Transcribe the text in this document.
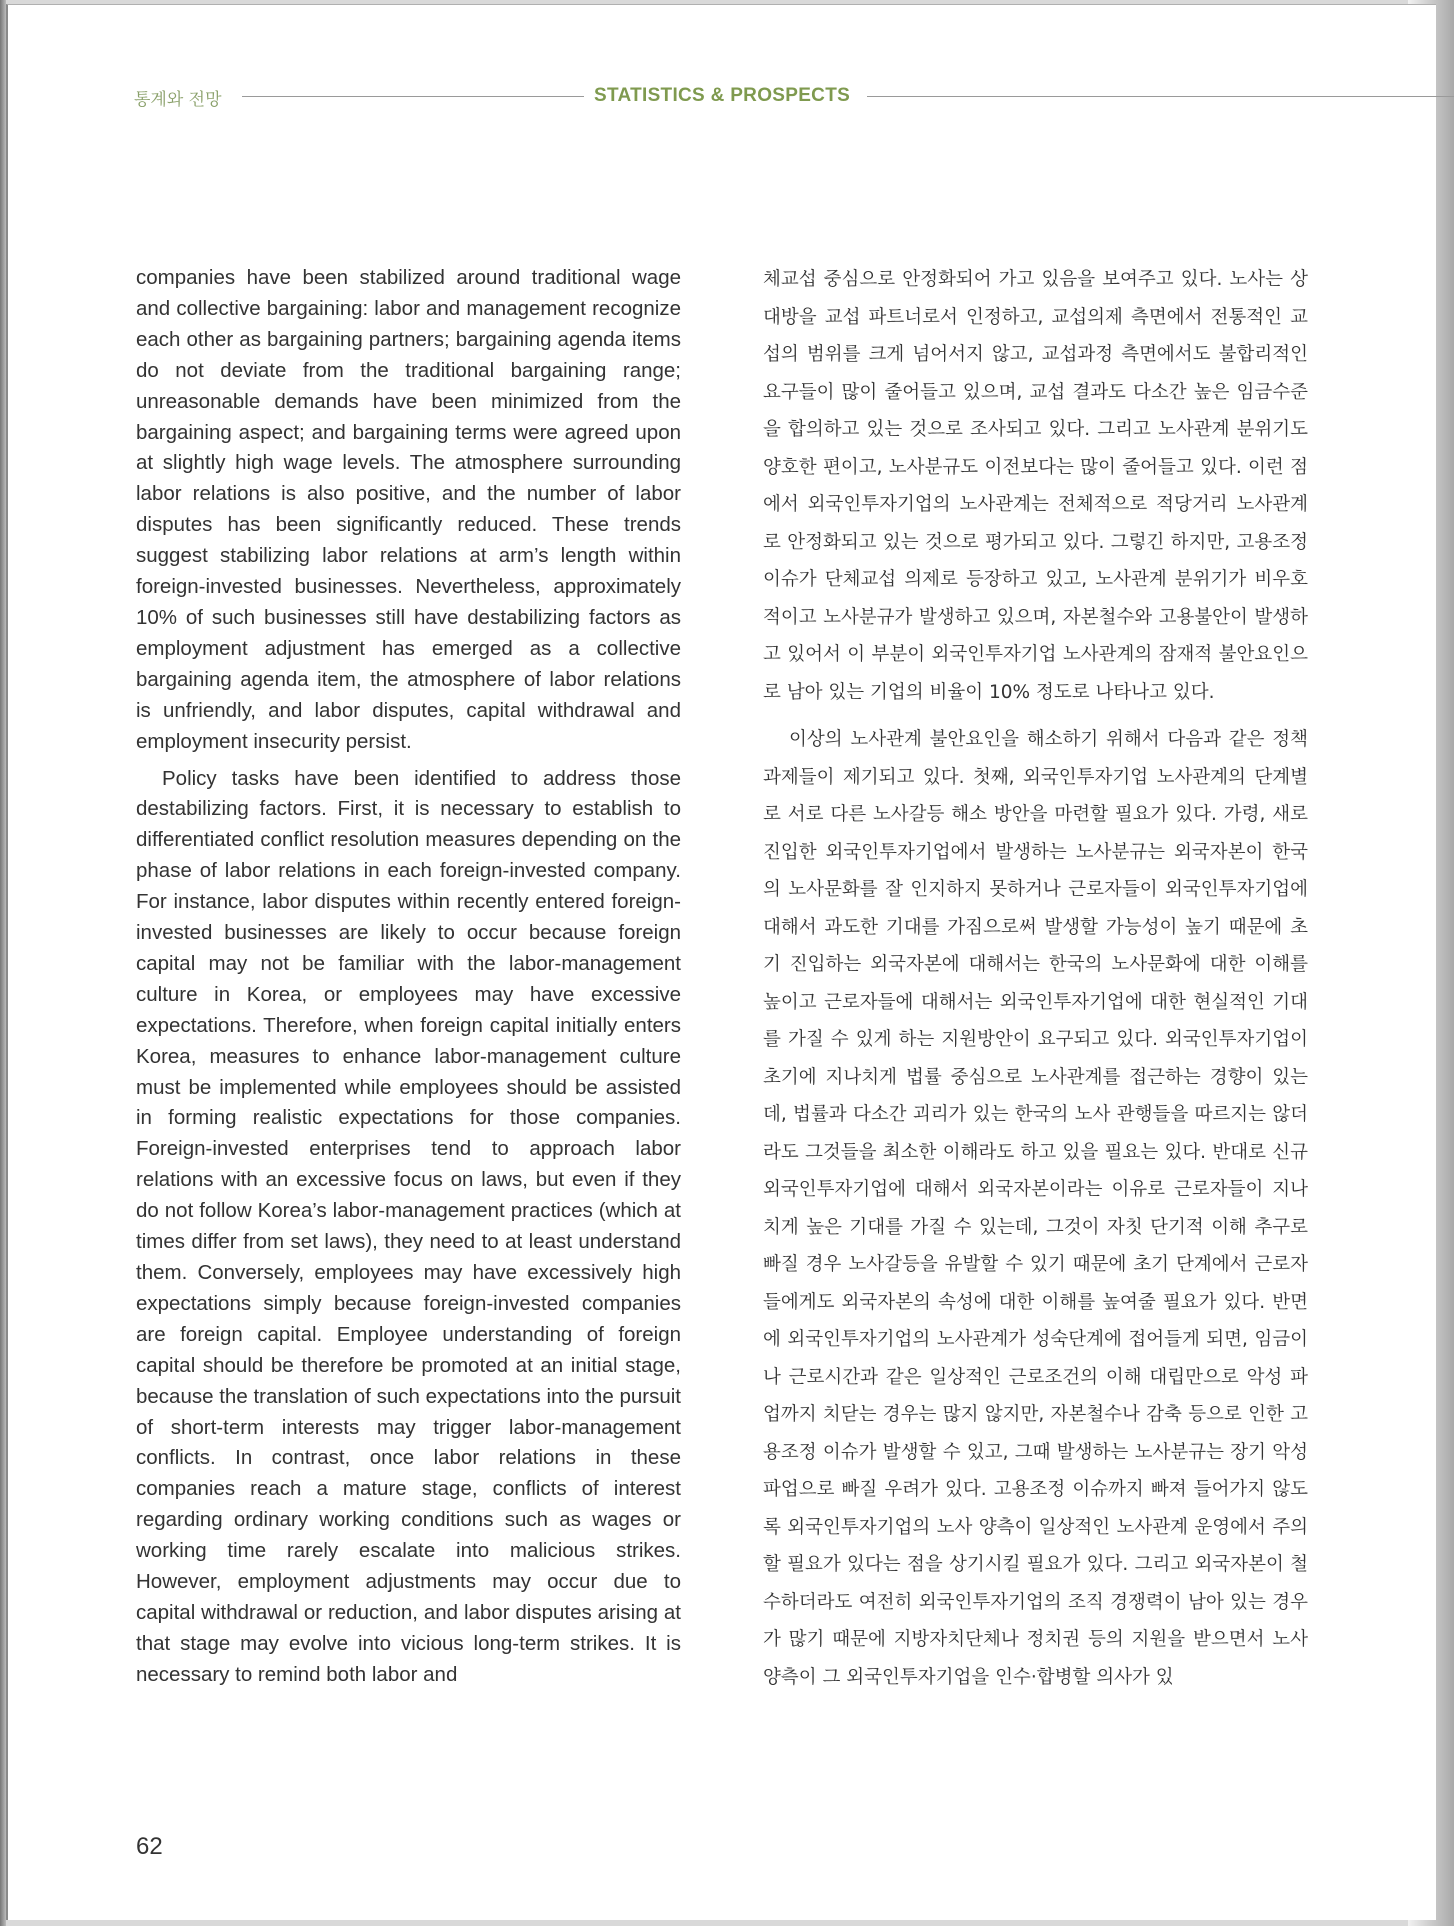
통계와 전망	STATISTICS & PROSPECTS

companies have been stabilized around traditional wage and collective bargaining: labor and management recognize each other as bargaining partners; bargaining agenda items do not deviate from the traditional bargaining range; unreasonable demands have been minimized from the bargaining aspect; and bargaining terms were agreed upon at slightly high wage levels. The atmosphere surrounding labor relations is also positive, and the number of labor disputes has been significantly reduced. These trends suggest stabilizing labor relations at arm’s length within foreign-invested businesses. Nevertheless, approximately 10% of such businesses still have destabilizing factors as employment adjustment has emerged as a collective bargaining agenda item, the atmosphere of labor relations is unfriendly, and labor disputes, capital withdrawal and employment insecurity persist.

Policy tasks have been identified to address those destabilizing factors. First, it is necessary to establish to differentiated conflict resolution measures depending on the phase of labor relations in each foreign-invested company. For instance, labor disputes within recently entered foreign-invested businesses are likely to occur because foreign capital may not be familiar with the labor-management culture in Korea, or employees may have excessive expectations. Therefore, when foreign capital initially enters Korea, measures to enhance labor-management culture must be implemented while employees should be assisted in forming realistic expectations for those companies. Foreign-invested enterprises tend to approach labor relations with an excessive focus on laws, but even if they do not follow Korea’s labor-management practices (which at times differ from set laws), they need to at least understand them. Conversely, employees may have excessively high expectations simply because foreign-invested companies are foreign capital. Employee understanding of foreign capital should be therefore be promoted at an initial stage, because the translation of such expectations into the pursuit of short-term interests may trigger labor-management conflicts. In contrast, once labor relations in these companies reach a mature stage, conflicts of interest regarding ordinary working conditions such as wages or working time rarely escalate into malicious strikes. However, employment adjustments may occur due to capital withdrawal or reduction, and labor disputes arising at that stage may evolve into vicious long-term strikes. It is necessary to remind both labor and

체교섭 중심으로 안정화되어 가고 있음을 보여주고 있다. 노사는 상대방을 교섭 파트너로서 인정하고, 교섭의제 측면에서 전통적인 교섭의 범위를 크게 넘어서지 않고, 교섭과정 측면에서도 불합리적인 요구들이 많이 줄어들고 있으며, 교섭 결과도 다소간 높은 임금수준을 합의하고 있는 것으로 조사되고 있다. 그리고 노사관계 분위기도 양호한 편이고, 노사분규도 이전보다는 많이 줄어들고 있다. 이런 점에서 외국인투자기업의 노사관계는 전체적으로 적당거리 노사관계로 안정화되고 있는 것으로 평가되고 있다. 그렇긴 하지만, 고용조정 이슈가 단체교섭 의제로 등장하고 있고, 노사관계 분위기가 비우호적이고 노사분규가 발생하고 있으며, 자본철수와 고용불안이 발생하고 있어서 이 부분이 외국인투자기업 노사관계의 잠재적 불안요인으로 남아 있는 기업의 비율이 10% 정도로 나타나고 있다.

이상의 노사관계 불안요인을 해소하기 위해서 다음과 같은 정책과제들이 제기되고 있다. 첫째, 외국인투자기업 노사관계의 단계별로 서로 다른 노사갈등 해소 방안을 마련할 필요가 있다. 가령, 새로 진입한 외국인투자기업에서 발생하는 노사분규는 외국자본이 한국의 노사문화를 잘 인지하지 못하거나 근로자들이 외국인투자기업에 대해서 과도한 기대를 가짐으로써 발생할 가능성이 높기 때문에 초기 진입하는 외국자본에 대해서는 한국의 노사문화에 대한 이해를 높이고 근로자들에 대해서는 외국인투자기업에 대한 현실적인 기대를 가질 수 있게 하는 지원방안이 요구되고 있다. 외국인투자기업이 초기에 지나치게 법률 중심으로 노사관계를 접근하는 경향이 있는데, 법률과 다소간 괴리가 있는 한국의 노사 관행들을 따르지는 않더라도 그것들을 최소한 이해라도 하고 있을 필요는 있다. 반대로 신규 외국인투자기업에 대해서 외국자본이라는 이유로 근로자들이 지나치게 높은 기대를 가질 수 있는데, 그것이 자칫 단기적 이해 추구로 빠질 경우 노사갈등을 유발할 수 있기 때문에 초기 단계에서 근로자들에게도 외국자본의 속성에 대한 이해를 높여줄 필요가 있다. 반면에 외국인투자기업의 노사관계가 성숙단계에 접어들게 되면, 임금이나 근로시간과 같은 일상적인 근로조건의 이해 대립만으로 악성 파업까지 치닫는 경우는 많지 않지만, 자본철수나 감축 등으로 인한 고용조정 이슈가 발생할 수 있고, 그때 발생하는 노사분규는 장기 악성 파업으로 빠질 우려가 있다. 고용조정 이슈까지 빠져 들어가지 않도록 외국인투자기업의 노사 양측이 일상적인 노사관계 운영에서 주의할 필요가 있다는 점을 상기시킬 필요가 있다. 그리고 외국자본이 철수하더라도 여전히 외국인투자기업의 조직 경쟁력이 남아 있는 경우가 많기 때문에 지방자치단체나 정치권 등의 지원을 받으면서 노사 양측이 그 외국인투자기업을 인수·합병할 의사가 있

62
